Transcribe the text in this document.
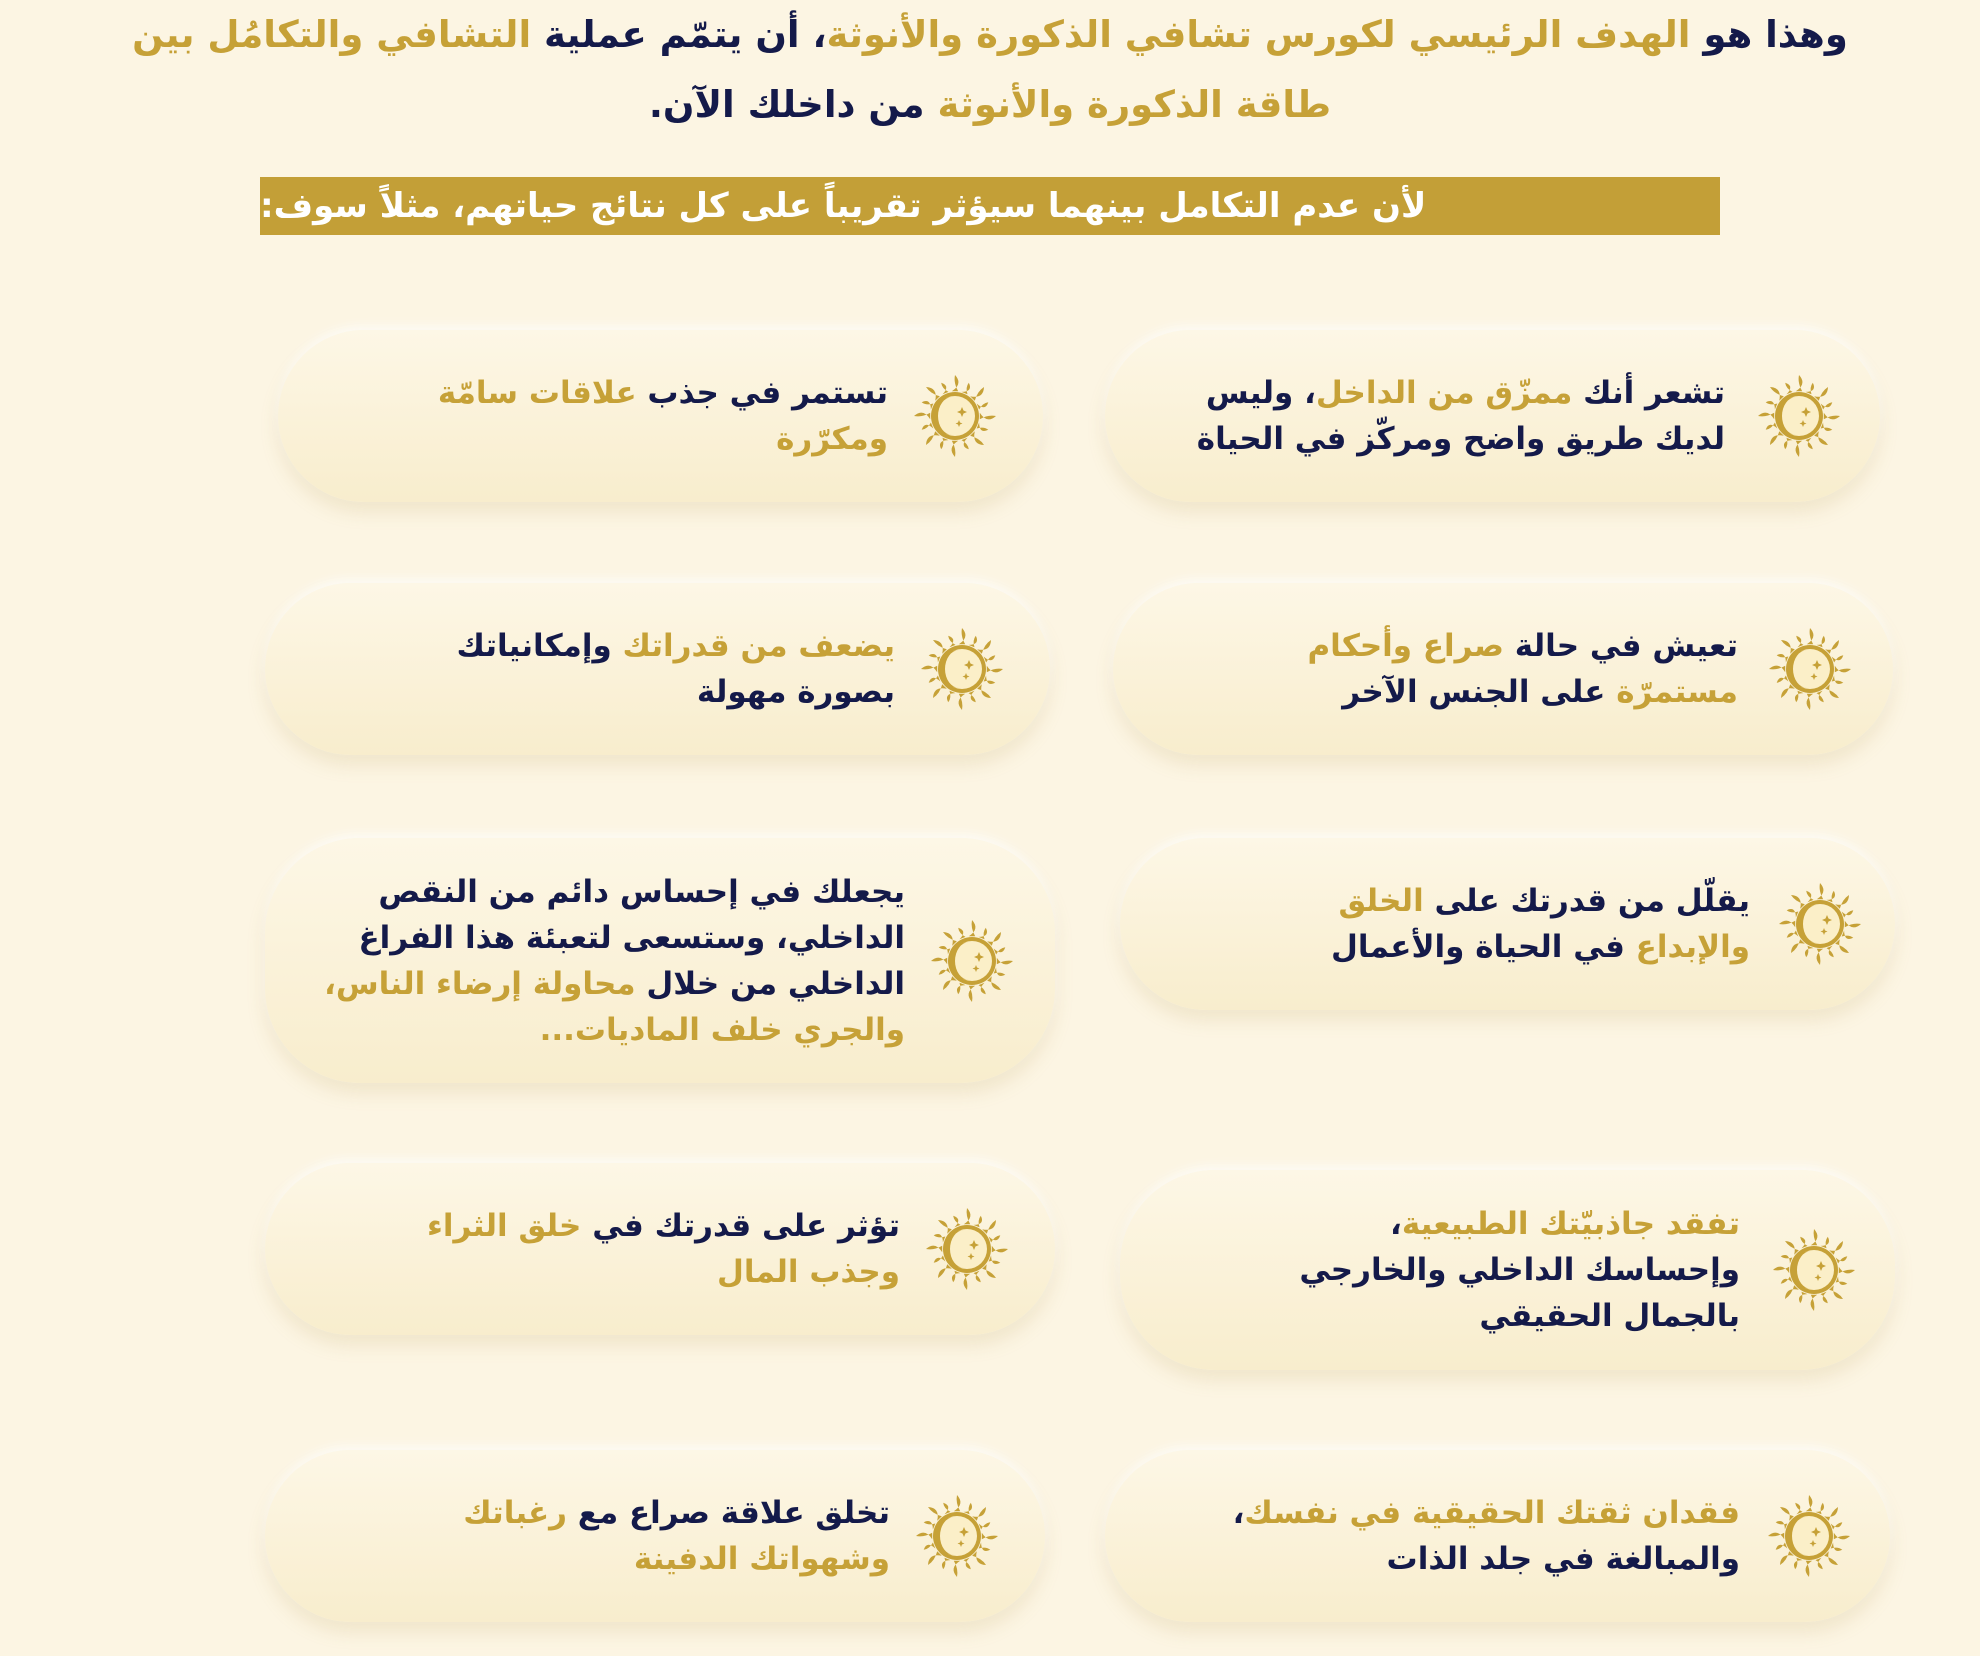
وهذا هو الهدف الرئيسي لكورس تشافي الذكورة والأنوثة، أن يتمّم عملية التشافي والتكامُل بين
طاقة الذكورة والأنوثة من داخلك الآن.
لأن عدم التكامل بينهما سيؤثر تقريباً على كل نتائج حياتهم، مثلاً سوف:
تشعر أنك ممزّق من الداخل، وليس
لديك طريق واضح ومركّز في الحياة
تستمر في جذب علاقات سامّة
ومكرّرة
تعيش في حالة صراع وأحكام
مستمرّة على الجنس الآخر
يضعف من قدراتك وإمكانياتك
بصورة مهولة
يقلّل من قدرتك على الخلق
والإبداع في الحياة والأعمال
يجعلك في إحساس دائم من النقص
الداخلي، وستسعى لتعبئة هذا الفراغ
الداخلي من خلال محاولة إرضاء الناس،
والجري خلف الماديات...
تفقد جاذبيّتك الطبيعية،
وإحساسك الداخلي والخارجي
بالجمال الحقيقي
تؤثر على قدرتك في خلق الثراء
وجذب المال
فقدان ثقتك الحقيقية في نفسك،
والمبالغة في جلد الذات
تخلق علاقة صراع مع رغباتك
وشهواتك الدفينة
